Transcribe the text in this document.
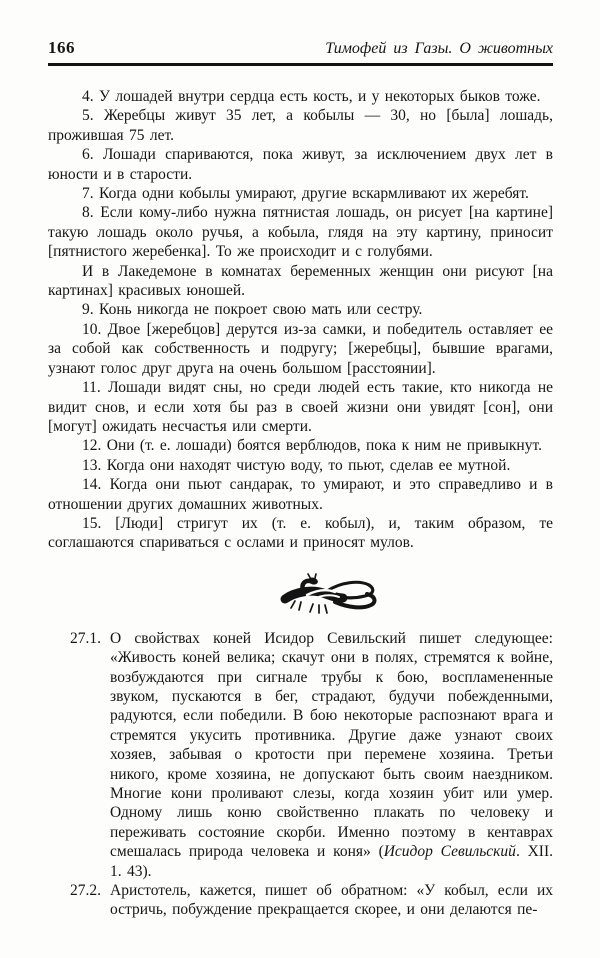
166	Тимофей из Газы. О животных

4. У лошадей внутри сердца есть кость, и у некоторых быков тоже.

5. Жеребцы живут 35 лет, а кобылы — 30, но [была] лошадь, прожившая 75 лет.

6. Лошади спариваются, пока живут, за исключением двух лет в юности и в старости.

7. Когда одни кобылы умирают, другие вскармливают их жеребят.

8. Если кому-либо нужна пятнистая лошадь, он рисует [на картине] такую лошадь около ручья, а кобыла, глядя на эту картину, приносит [пятнистого жеребенка]. То же происходит и с голубями.

И в Лакедемоне в комнатах беременных женщин они рисуют [на картинах] красивых юношей.

9. Конь никогда не покроет свою мать или сестру.

10. Двое [жеребцов] дерутся из-за самки, и победитель оставляет ее за собой как собственность и подругу; [жеребцы], бывшие врагами, узнают голос друг друга на очень большом [расстоянии].

11. Лошади видят сны, но среди людей есть такие, кто никогда не видит снов, и если хотя бы раз в своей жизни они увидят [сон], они [могут] ожидать несчастья или смерти.

12. Они (т. е. лошади) боятся верблюдов, пока к ним не привыкнут.

13. Когда они находят чистую воду, то пьют, сделав ее мутной.

14. Когда они пьют сандарак, то умирают, и это справедливо и в отношении других домашних животных.

15. [Люди] стригут их (т. е. кобыл), и, таким образом, те соглашаются спариваться с ослами и приносят мулов.

27.1. О свойствах коней Исидор Севильский пишет следующее: «Живость коней велика; скачут они в полях, стремятся к войне, возбуждаются при сигнале трубы к бою, воспламененные звуком, пускаются в бег, страдают, будучи побежденными, радуются, если победили. В бою некоторые распознают врага и стремятся укусить противника. Другие даже узнают своих хозяев, забывая о кротости при перемене хозяина. Третьи никого, кроме хозяина, не допускают быть своим наездником. Многие кони проливают слезы, когда хозяин убит или умер. Одному лишь коню свойственно плакать по человеку и переживать состояние скорби. Именно поэтому в кентаврах смешалась природа человека и коня» (Исидор Севильский. XII. 1. 43).

27.2. Аристотель, кажется, пишет об обратном: «У кобыл, если их остричь, побуждение прекращается скорее, и они делаются пе-
